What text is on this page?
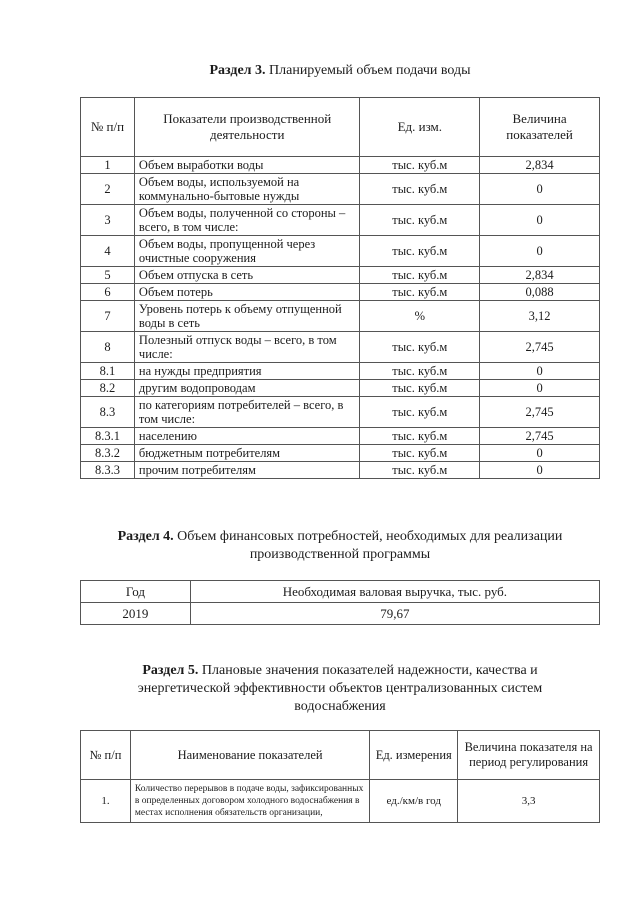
Раздел 3. Планируемый объем подачи воды
№ п/п	Показатели производственной деятельности	Ед. изм.	Величина показателей
1	Объем выработки воды	тыс. куб.м	2,834
2	Объем воды, используемой на коммунально-бытовые нужды	тыс. куб.м	0
3	Объем воды, полученной со стороны – всего, в том числе:	тыс. куб.м	0
4	Объем воды, пропущенной через очистные сооружения	тыс. куб.м	0
5	Объем отпуска в сеть	тыс. куб.м	2,834
6	Объем потерь	тыс. куб.м	0,088
7	Уровень потерь к объему отпущенной воды в сеть	%	3,12
8	Полезный отпуск воды – всего, в том числе:	тыс. куб.м	2,745
8.1	на нужды предприятия	тыс. куб.м	0
8.2	другим водопроводам	тыс. куб.м	0
8.3	по категориям потребителей – всего, в том числе:	тыс. куб.м	2,745
8.3.1	населению	тыс. куб.м	2,745
8.3.2	бюджетным потребителям	тыс. куб.м	0
8.3.3	прочим потребителям	тыс. куб.м	0
Раздел 4. Объем финансовых потребностей, необходимых для реализации производственной программы
Год	Необходимая валовая выручка, тыс. руб.
2019	79,67
Раздел 5. Плановые значения показателей надежности, качества и энергетической эффективности объектов централизованных систем водоснабжения
№ п/п	Наименование показателей	Ед. измерения	Величина показателя на период регулирования
1.	Количество перерывов в подаче воды, зафиксированных в определенных договором холодного водоснабжения в местах исполнения обязательств организации,	ед./км/в год	3,3
